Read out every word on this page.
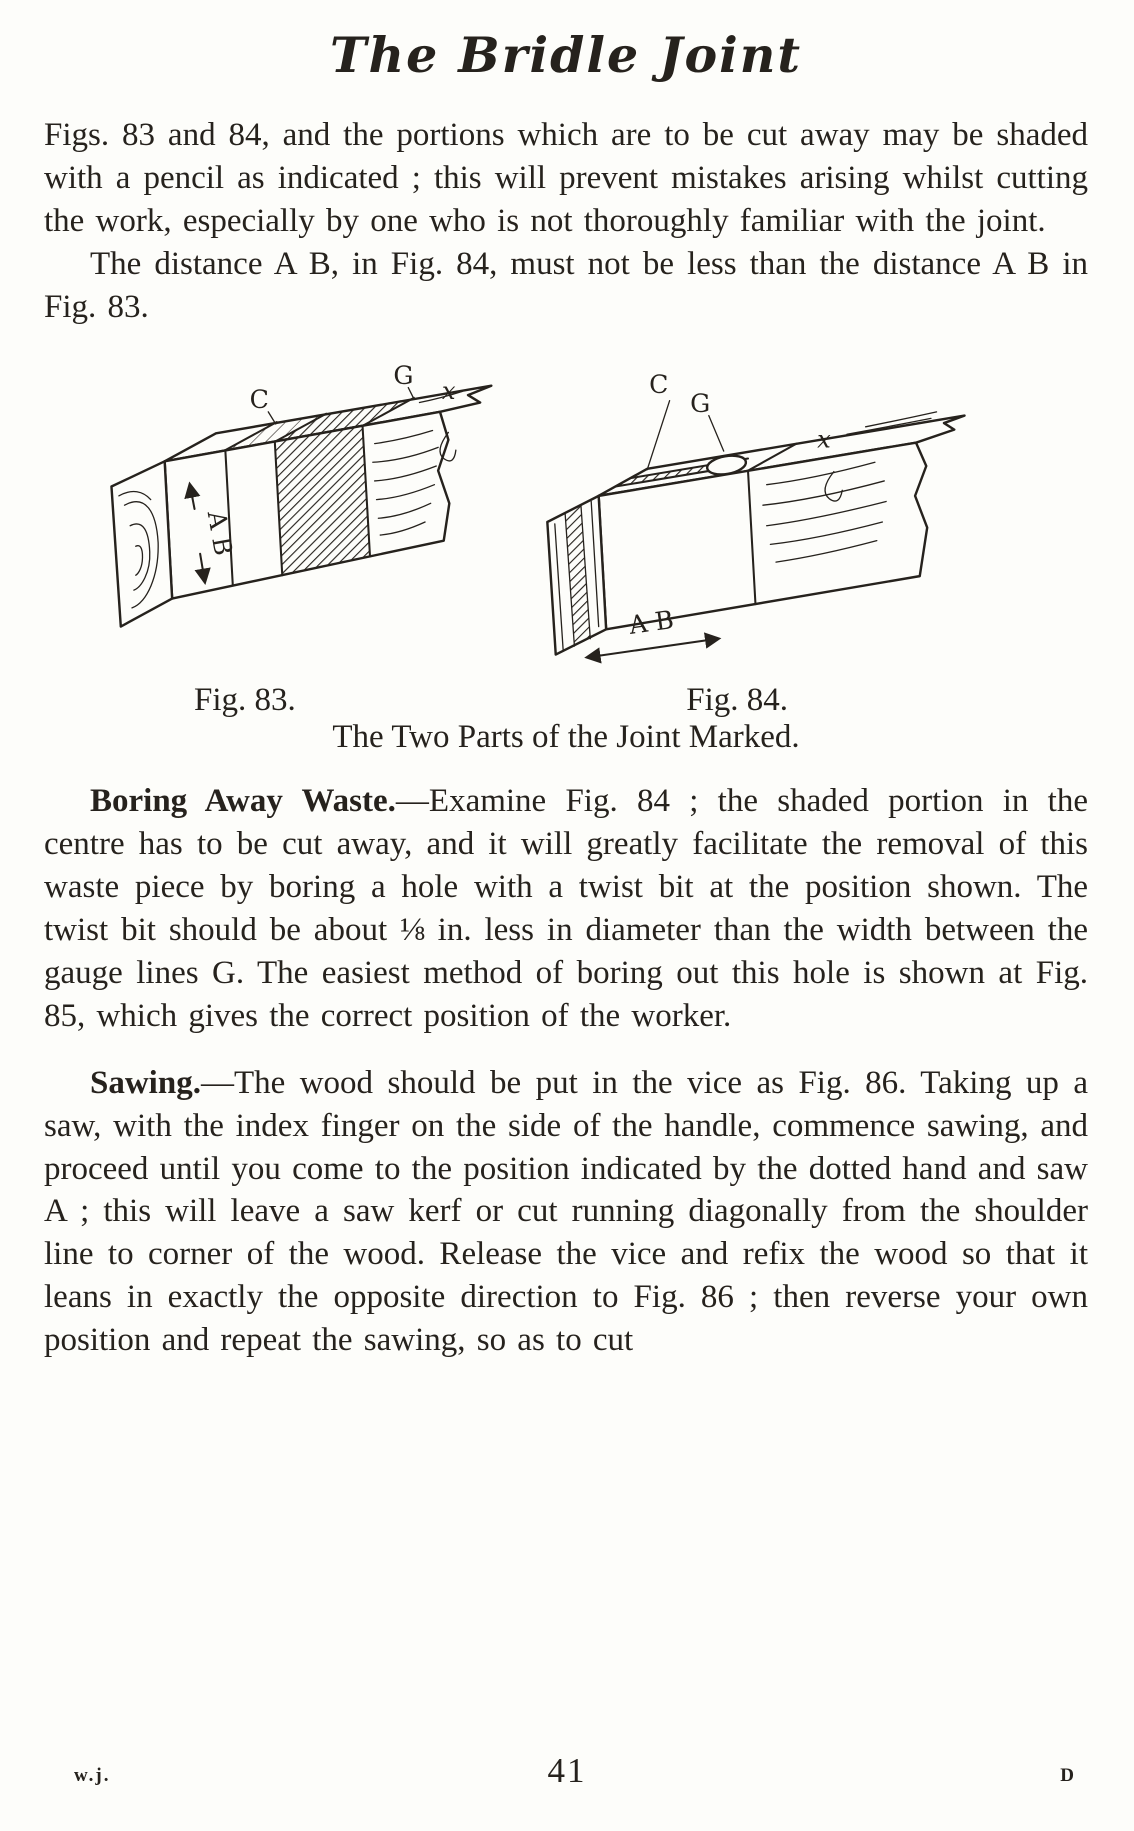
The Bridle Joint

Figs. 83 and 84, and the portions which are to be cut away may be shaded with a pencil as indicated ; this will prevent mistakes arising whilst cutting the work, especially by one who is not thoroughly familiar with the joint.

The distance A B, in Fig. 84, must not be less than the distance A B in Fig. 83.

A B
C
G
x	C
G
x
A B
Fig. 83.	Fig. 84.
The Two Parts of the Joint Marked.

Boring Away Waste.—Examine Fig. 84 ; the shaded portion in the centre has to be cut away, and it will greatly facilitate the removal of this waste piece by boring a hole with a twist bit at the position shown. The twist bit should be about ⅛ in. less in diameter than the width between the gauge lines G. The easiest method of boring out this hole is shown at Fig. 85, which gives the correct position of the worker.

Sawing.—The wood should be put in the vice as Fig. 86. Taking up a saw, with the index finger on the side of the handle, commence sawing, and proceed until you come to the position indicated by the dotted hand and saw A ; this will leave a saw kerf or cut running diagonally from the shoulder line to corner of the wood. Release the vice and refix the wood so that it leans in exactly the opposite direction to Fig. 86 ; then reverse your own position and repeat the sawing, so as to cut

w.j.	41	D
